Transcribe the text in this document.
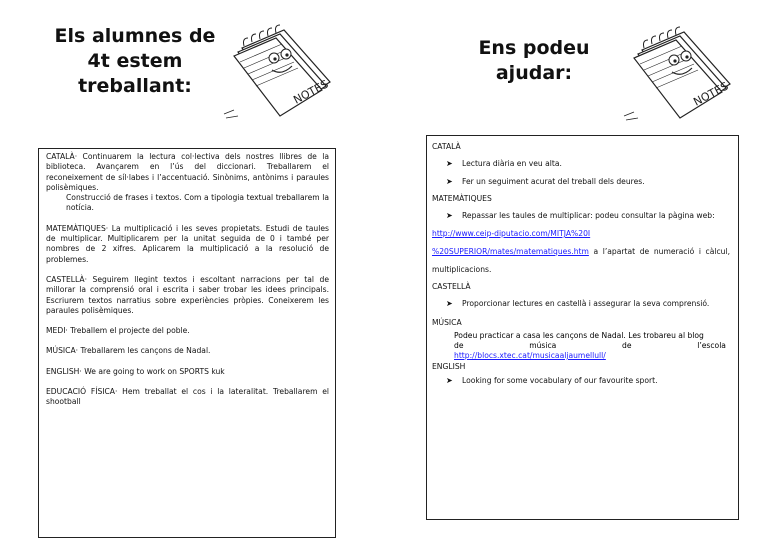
Els alumnes de 4t estem treballant:	NOTES

CATALÀ· Continuarem la lectura col·lectiva dels nostres llibres de la biblioteca. Avançarem en l’ús del diccionari. Treballarem el reconeixement de síl·labes i l’accentuació. Sinònims, antònims i paraules polisèmiques.
Construcció de frases i textos. Com a tipologia textual treballarem la notícia.

MATEMÀTIQUES· La multiplicació i les seves propietats. Estudi de taules de multiplicar. Multiplicarem per la unitat seguida de 0 i també per nombres de 2 xifres. Aplicarem la multiplicació a la resolució de problemes.

CASTELLÀ· Seguirem llegint textos i escoltant narracions per tal de millorar la comprensió oral i escrita i saber trobar les idees principals. Escriurem textos narratius sobre experiències pròpies. Coneixerem les paraules polisèmiques.

MEDI· Treballem el projecte del poble.

MÚSICA· Treballarem les cançons de Nadal.

ENGLISH· We are going to work on SPORTS kuk

EDUCACIÓ FÍSICA· Hem treballat el cos i la lateralitat. Treballarem el shootball

Ens podeu ajudar:
NOTES
CATALÀ
➤ Lectura diària en veu alta.
➤ Fer un seguiment acurat del treball dels deures.
MATEMÀTIQUES
➤ Repassar les taules de multiplicar: podeu consultar la pàgina web:
http://www.ceip-diputacio.com/MITJA%20I %20SUPERIOR/mates/matematiques.htm a l’apartat de numeració i càlcul, multiplicacions.
CASTELLÀ
➤ Proporcionar lectures en castellà i assegurar la seva comprensió.
MÚSICA
Podeu practicar a casa les cançons de Nadal. Les trobareu al blog
de	música	de	l’escola
http://blocs.xtec.cat/musicaaljaumellull/
ENGLISH
➤ Looking for some vocabulary of our favourite sport.
